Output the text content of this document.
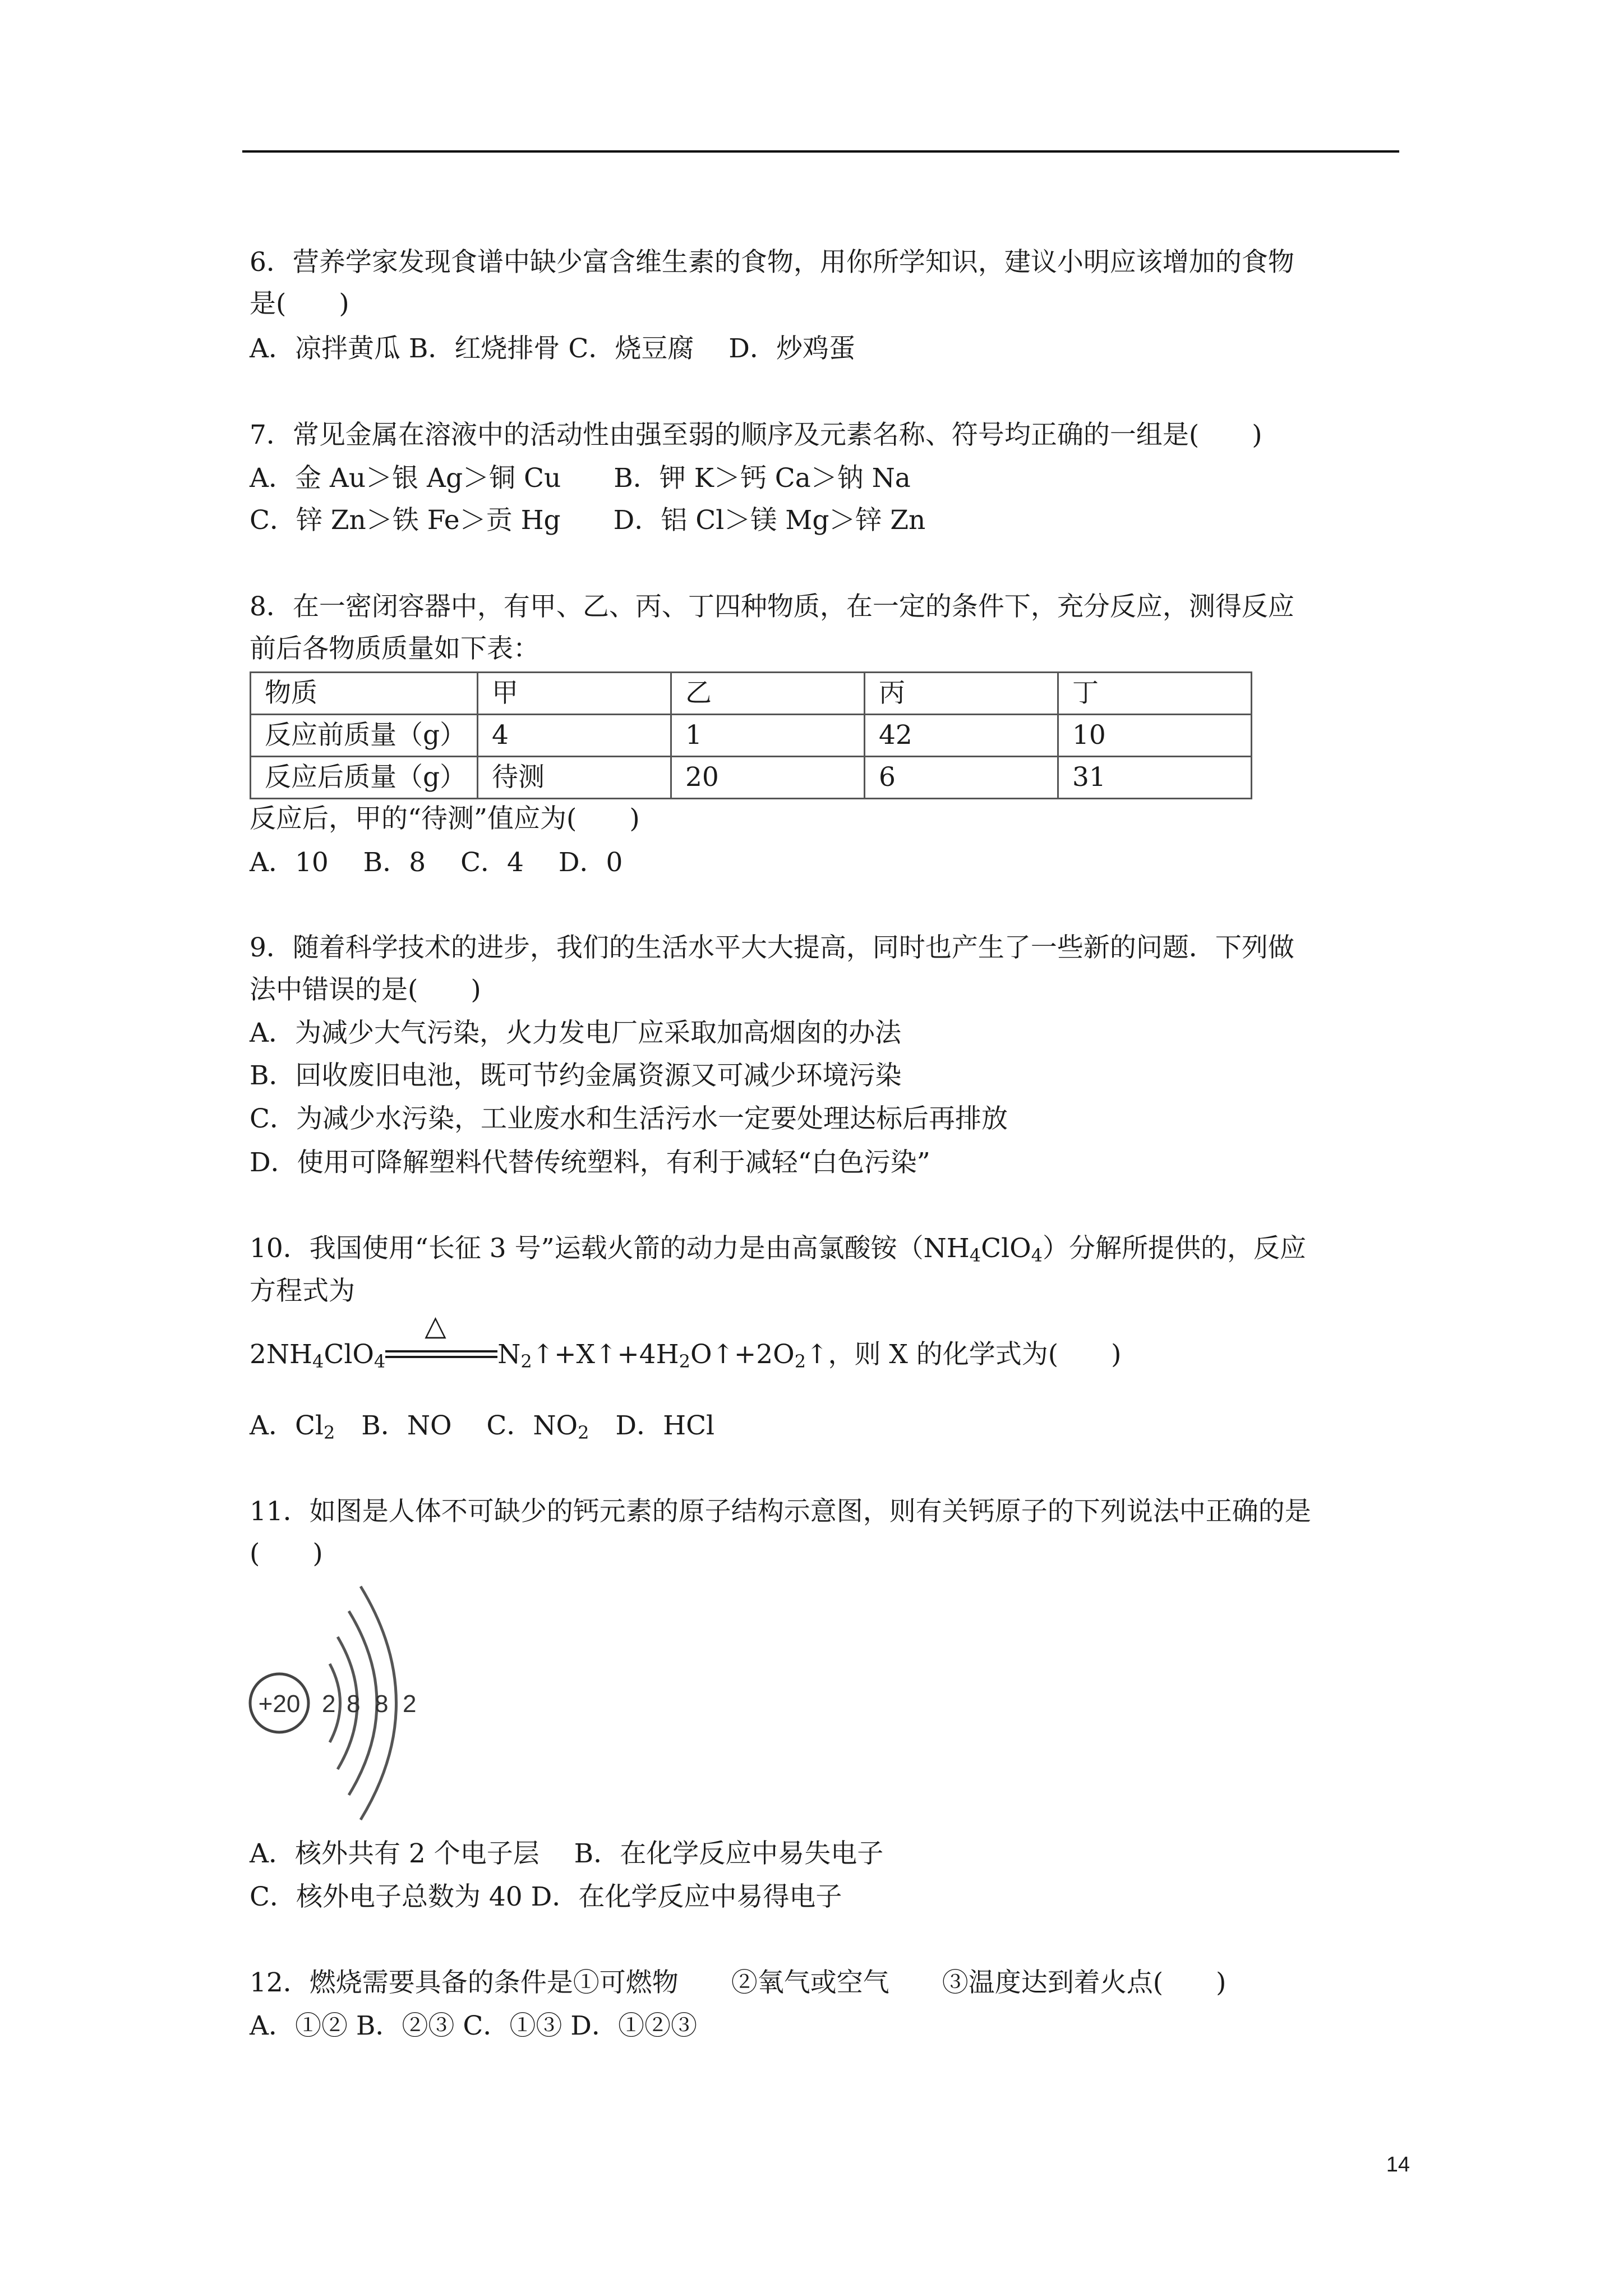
6．营养学家发现食谱中缺少富含维生素的食物，用你所学知识，建议小明应该增加的食物
是(　　)
A．凉拌黄瓜 B．红烧排骨 C．烧豆腐　 D．炒鸡蛋
7．常见金属在溶液中的活动性由强至弱的顺序及元素名称、符号均正确的一组是(　　)
A．金 Au＞银 Ag＞铜 Cu　　B．钾 K＞钙 Ca＞钠 Na
C．锌 Zn＞铁 Fe＞贡 Hg　　D．铝 Cl＞镁 Mg＞锌 Zn
8．在一密闭容器中，有甲、乙、丙、丁四种物质，在一定的条件下，充分反应，测得反应
前后各物质质量如下表：
物质	甲	乙	丙	丁
反应前质量（g）	4	1	42	10
反应后质量（g）	待测	20	6	31
反应后，甲的“待测”值应为(　　)
A．10　 B．8　 C．4　 D．0
9．随着科学技术的进步，我们的生活水平大大提高，同时也产生了一些新的问题．下列做
法中错误的是(　　)
A．为减少大气污染，火力发电厂应采取加高烟囱的办法
B．回收废旧电池，既可节约金属资源又可减少环境污染
C．为减少水污染，工业废水和生活污水一定要处理达标后再排放
D．使用可降解塑料代替传统塑料，有利于减轻“白色污染”
10．我国使用“长征 3 号”运载火箭的动力是由高氯酸铵$(NH_4ClO_4)$分解所提供的，反应
方程式为
$2NH_4ClO_4$
△
$N_2↑+X↑+4H_2O↑+2O_2↑$，则 X 的化学式为(　　)
A．$Cl_2$　B．NO　 C．$NO_2$　D．HCl
11．如图是人体不可缺少的钙元素的原子结构示意图，则有关钙原子的下列说法中正确的是
(　　)
+20 2 8 8 2
A．核外共有 2 个电子层　 B．在化学反应中易失电子
C．核外电子总数为 40 D．在化学反应中易得电子
12．燃烧需要具备的条件是①可燃物　　②氧气或空气　　③温度达到着火点(　　)
A．①② B．②③ C．①③ D．①②③
14
